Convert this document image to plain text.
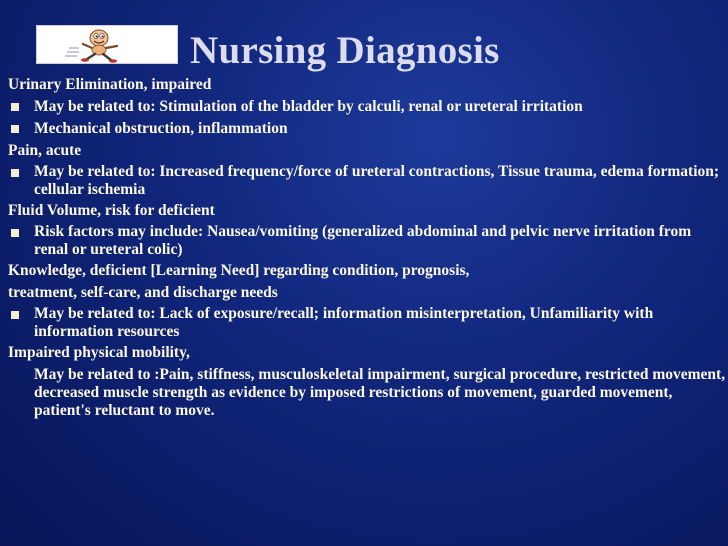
Nursing Diagnosis

Urinary Elimination, impaired

May be related to: Stimulation of the bladder by calculi, renal or ureteral irritation
Mechanical obstruction, inflammation

Pain, acute

May be related to: Increased frequency/force of ureteral contractions, Tissue trauma, edema formation; cellular ischemia

Fluid Volume, risk for deficient

Risk factors may include: Nausea/vomiting (generalized abdominal and pelvic nerve irritation from renal or ureteral colic)

Knowledge, deficient [Learning Need] regarding condition, prognosis,

treatment, self-care, and discharge needs

May be related to: Lack of exposure/recall; information misinterpretation, Unfamiliarity with information resources

Impaired physical mobility,

May be related to :Pain, stiffness, musculoskeletal impairment, surgical procedure, restricted movement, decreased muscle strength as evidence by imposed restrictions of movement, guarded movement, patient's reluctant to move.
